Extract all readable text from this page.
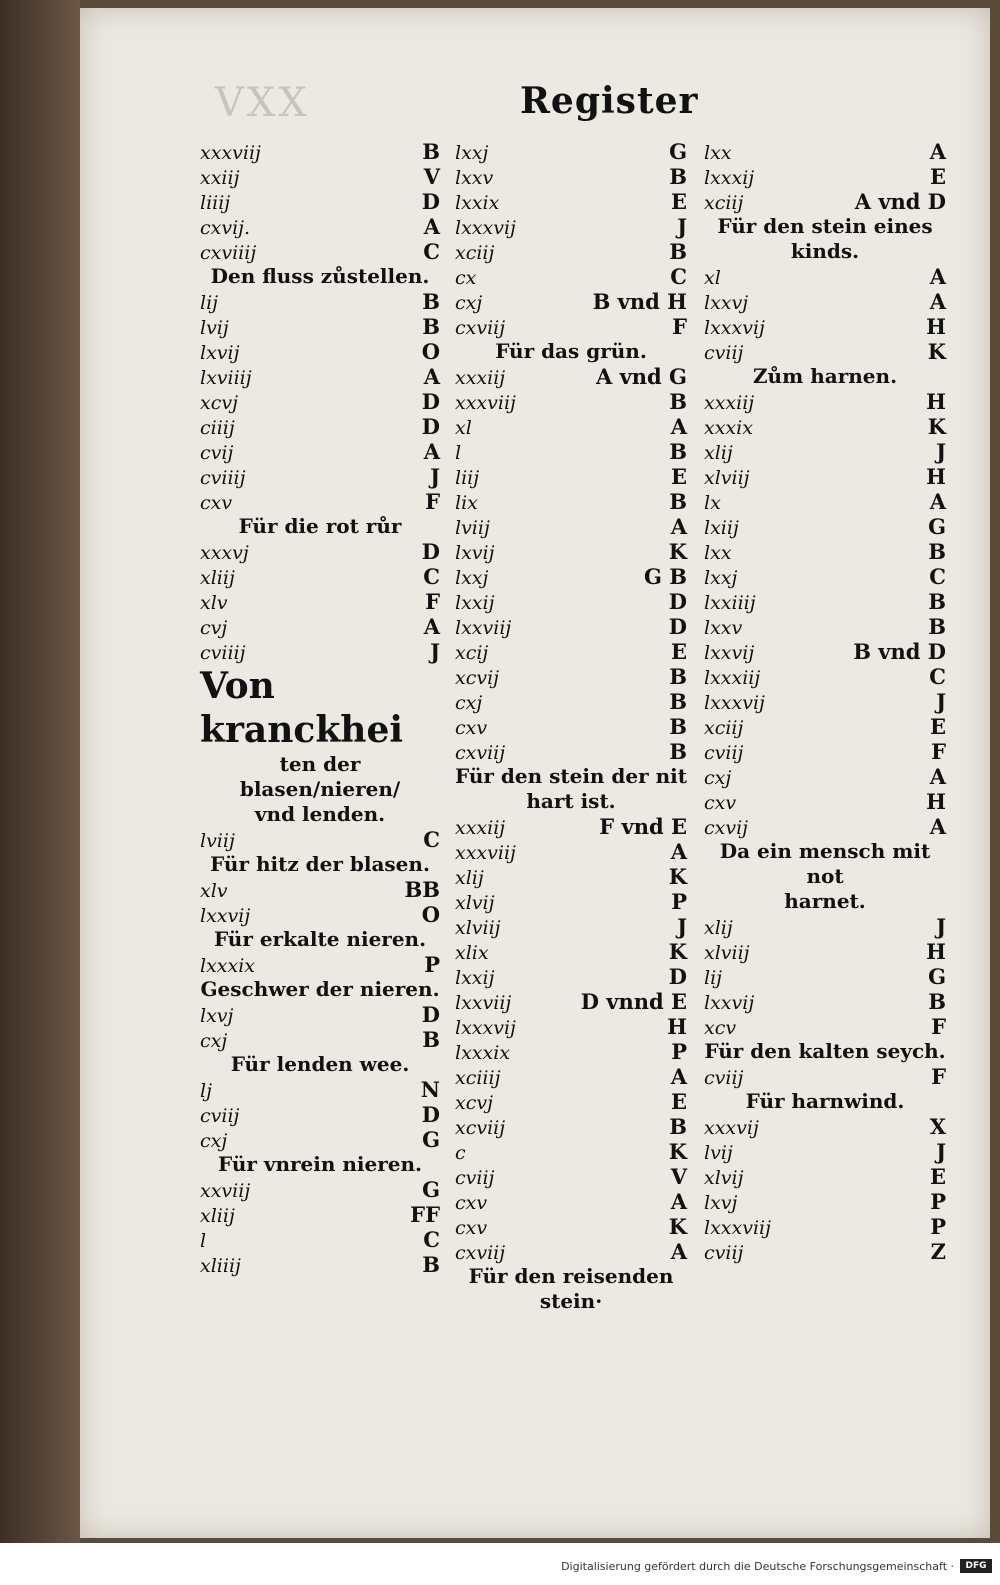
VXX	Register
xxxviij	B
xxiij	V
liiij	D
cxvij.	A
cxviiij	C
Den fluss zůstellen.
lij	B
lvij	B
lxvij	O
lxviiij	A
xcvj	D
ciiij	D
cvij	A
cviiij	J
cxv	F
Für die rot růr
xxxvj	D
xliij	C
xlv	F
cvj	A
cviiij	J
Von kranckhei
ten der blasen/nieren/
vnd lenden.
lviij	C
Für hitz der blasen.
xlv	BB
lxxvij	O
Für erkalte nieren.
lxxxix	P
Geschwer der nieren.
lxvj	D
cxj	B
Für lenden wee.
lj	N
cviij	D
cxj	G
Für vnrein nieren.
xxviij	G
xliij	FF
l	C
xliiij	B
lxxj	G
lxxv	B
lxxix	E
lxxxvij	J
xciij	B
cx	C
cxj	B vnd H
cxviij	F
Für das grün.
xxxiij	A vnd G
xxxviij	B
xl	A
l	B
liij	E
lix	B
lviij	A
lxvij	K
lxxj	G B
lxxij	D
lxxviij	D
xcij	E
xcvij	B
cxj	B
cxv	B
cxviij	B
Für den stein der nit
hart ist.
xxxiij	F vnd E
xxxviij	A
xlij	K
xlvij	P
xlviij	J
xlix	K
lxxij	D
lxxviij	D vnnd E
lxxxvij	H
lxxxix	P
xciiij	A
xcvj	E
xcviij	B
c	K
cviij	V
cxv	A
cxv	K
cxviij	A
Für den reisenden stein·
lxx	A
lxxxij	E
xciij	A vnd D
Für den stein eines
kinds.
xl	A
lxxvj	A
lxxxvij	H
cviij	K
Zům harnen.
xxxiij	H
xxxix	K
xlij	J
xlviij	H
lx	A
lxiij	G
lxx	B
lxxj	C
lxxiiij	B
lxxv	B
lxxvij	B vnd D
lxxxiij	C
lxxxvij	J
xciij	E
cviij	F
cxj	A
cxv	H
cxvij	A
Da ein mensch mit not
harnet.
xlij	J
xlviij	H
lij	G
lxxvij	B
xcv	F
Für den kalten seych.
cviij	F
Für harnwind.
xxxvij	X
lvij	J
xlvij	E
lxvj	P
lxxxviij	P
cviij	Z
Digitalisierung gefördert durch die Deutsche Forschungsgemeinschaft ·	DFG
